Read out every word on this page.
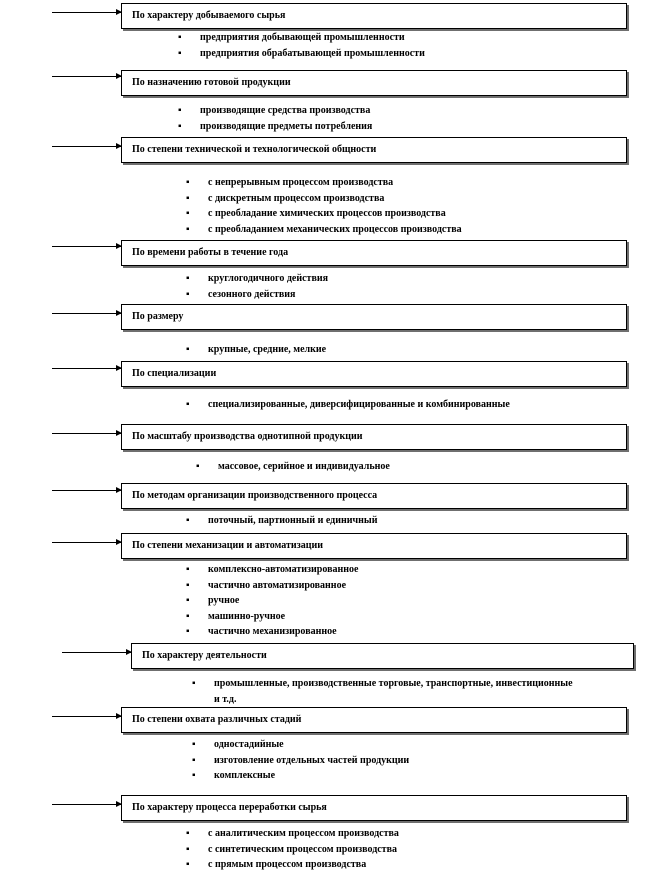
По характеру добываемого сырья
▪ предприятия добывающей промышленности
▪ предприятия обрабатывающей промышленности
По назначению готовой продукции
▪ производящие средства производства
▪ производящие предметы потребления
По степени технической и технологической общности
▪ с непрерывным процессом производства
▪ с дискретным процессом производства
▪ с преобладание химических процессов производства
▪ с преобладанием механических процессов производства
По времени работы в течение года
▪ круглогодичного действия
▪ сезонного действия
По размеру
▪ крупные, средние, мелкие
По специализации
▪ специализированные, диверсифицированные и комбинированные
По масштабу производства однотипной продукции
▪ массовое, серийное и индивидуальное
По методам организации производственного процесса
▪ поточный, партионный и единичный
По степени механизации и автоматизации
▪ комплексно-автоматизированное
▪ частично автоматизированное
▪ ручное
▪ машинно-ручное
▪ частично механизированное
По характеру деятельности
▪ промышленные, производственные торговые, транспортные, инвестиционные и т.д.
По степени охвата различных стадий
▪ одностадийные
▪ изготовление отдельных частей продукции
▪ комплексные
По характеру процесса переработки сырья
▪ с аналитическим процессом производства
▪ с синтетическим процессом производства
▪ с прямым процессом производства
